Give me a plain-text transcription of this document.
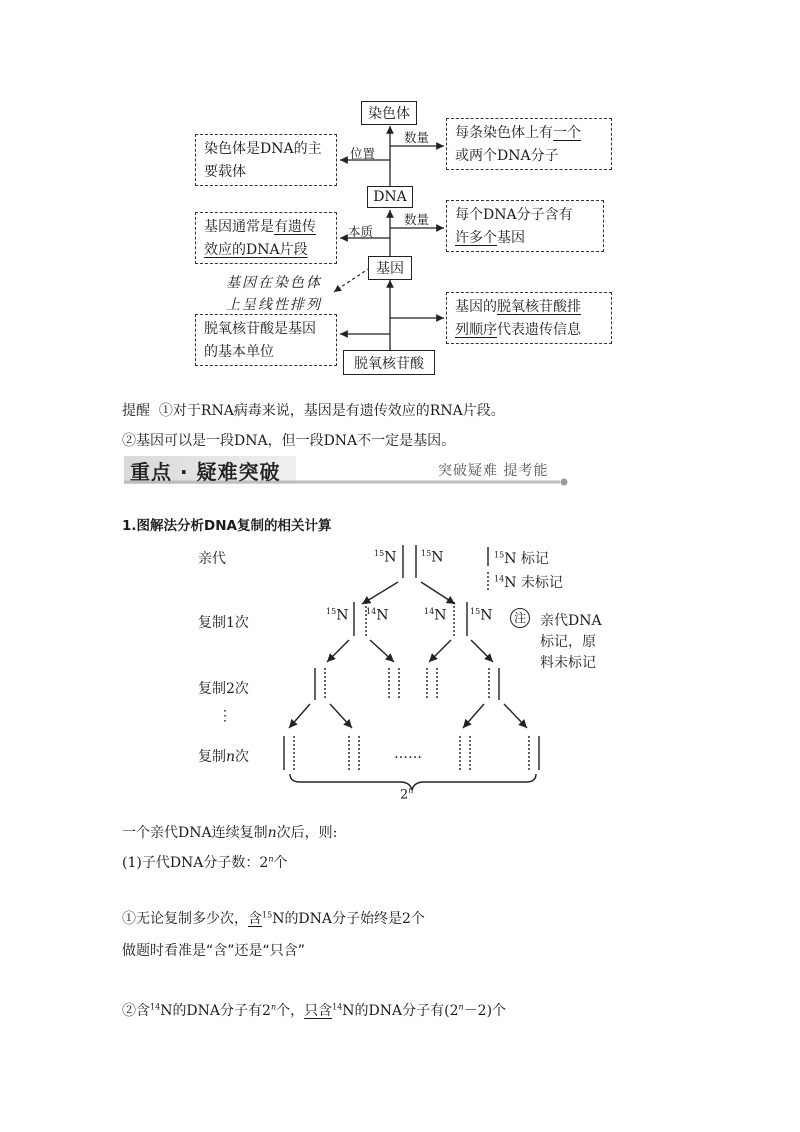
染色体
DNA
基因
脱氧核苷酸
数量
位置
数量
本质
染色体是DNA的主
要载体
每条染色体上有一个
或两个DNA分子
基因通常是有遗传
效应的DNA片段
每个DNA分子含有
许多个基因
基因在染色体
上呈线性排列
脱氧核苷酸是基因
的基本单位
基因的脱氧核苷酸排
列顺序代表遗传信息
提醒 ①对于RNA病毒来说，基因是有遗传效应的RNA片段。
②基因可以是一段DNA，但一段DNA不一定是基因。
重点 · 疑难突破	突破疑难 提考能
1.图解法分析DNA复制的相关计算
亲代
复制1次
复制2次
⋮
复制n次
$^{15}$N	$^{15}$N	$^{15}$N 标记
$^{14}$N 未标记
$^{15}$N $^{14}$N	$^{14}$N	$^{15}$N	注 亲代DNA
标记，原
料未标记
……
2$^n$
一个亲代DNA连续复制n次后，则:
(1)子代DNA分子数：2$^n$个
①无论复制多少次，含$^{15}$N的DNA分子始终是2个
做题时看准是“含”还是“只含”
②含$^{14}$N的DNA分子有2$^n$个，只含$^{14}$N的DNA分子有$(2^n-2)$个
